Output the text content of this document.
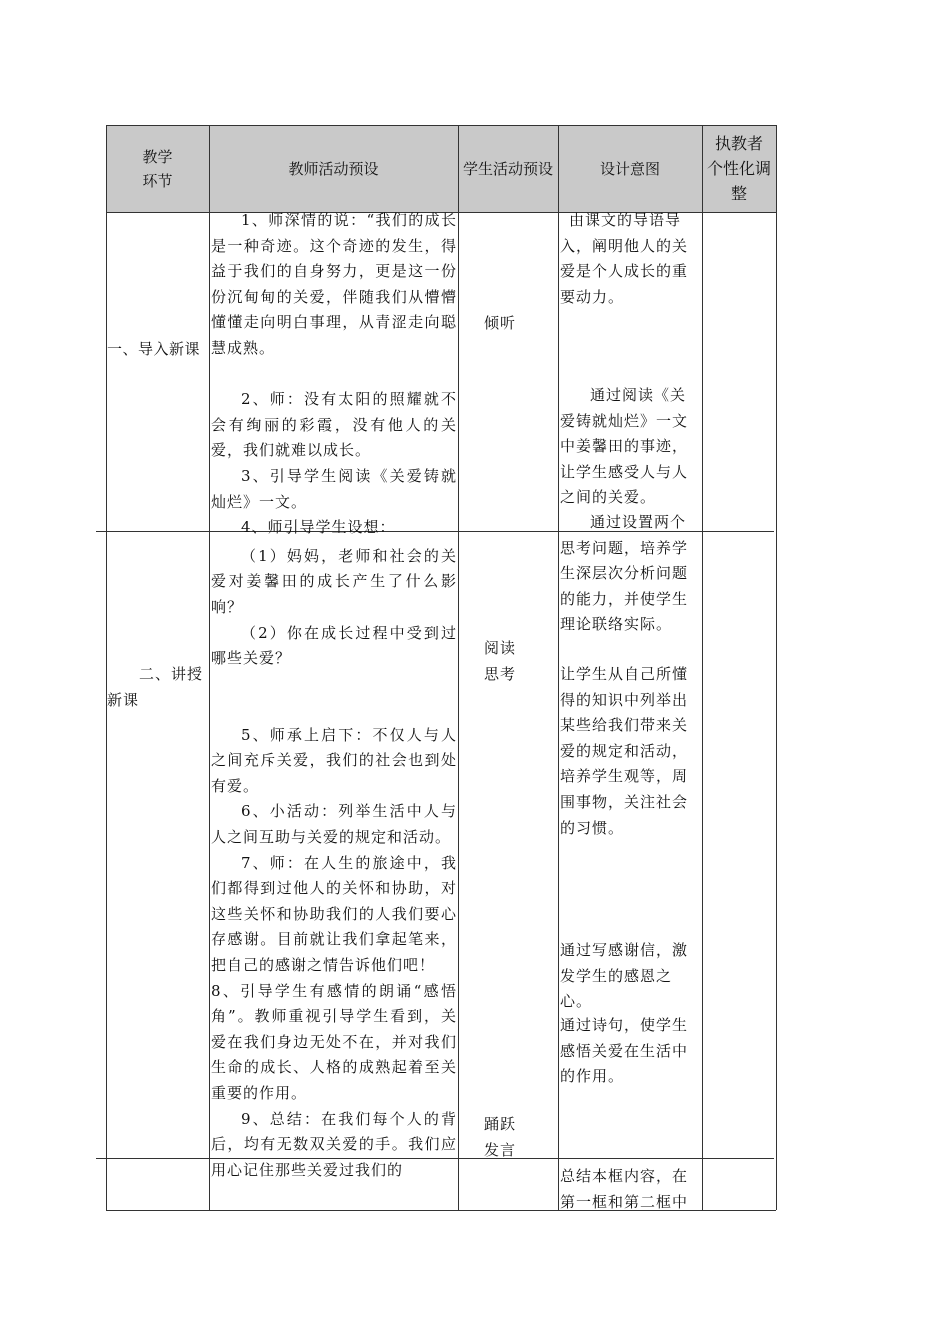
教学
环节
教师活动预设	学生活动预设	设计意图
执教者
个性化调
整
一、导入新课
二、讲授
新课

1、师深情的说：“我们的成长是一种奇迹。这个奇迹的发生，得益于我们的自身努力，更是这一份份沉甸甸的关爱，伴随我们从懵懵懂懂走向明白事理，从青涩走向聪慧成熟。

2、师：没有太阳的照耀就不会有绚丽的彩霞，没有他人的关爱，我们就难以成长。

3、引导学生阅读《关爱铸就灿烂》一文。

4、师引导学生设想：

（1）妈妈，老师和社会的关爱对姜馨田的成长产生了什么影响？

（2）你在成长过程中受到过哪些关爱？

5、师承上启下：不仅人与人之间充斥关爱，我们的社会也到处有爱。

6、小活动：列举生活中人与人之间互助与关爱的规定和活动。

7、师：在人生的旅途中，我们都得到过他人的关怀和协助，对这些关怀和协助我们的人我们要心存感谢。目前就让我们拿起笔来，把自己的感谢之情告诉他们吧！

8、引导学生有感情的朗诵“感悟角”。教师重视引导学生看到，关爱在我们身边无处不在，并对我们生命的成长、人格的成熟起着至关重要的作用。

9、总结：在我们每个人的背后，均有无数双关爱的手。我们应用心记住那些关爱过我们的

倾听
阅读
思考
踊跃
发言
由课文的导语导入，阐明他人的关爱是个人成长的重要动力。
通过阅读《关爱铸就灿烂》一文中姜馨田的事迹，让学生感受人与人之间的关爱。
通过设置两个思考问题，培养学生深层次分析问题的能力，并使学生理论联络实际。
让学生从自己所懂得的知识中列举出某些给我们带来关爱的规定和活动，培养学生观等，周围事物，关注社会的习惯。
通过写感谢信，激发学生的感恩之心。
通过诗句，使学生感悟关爱在生活中的作用。
总结本框内容，在第一框和第二框中
